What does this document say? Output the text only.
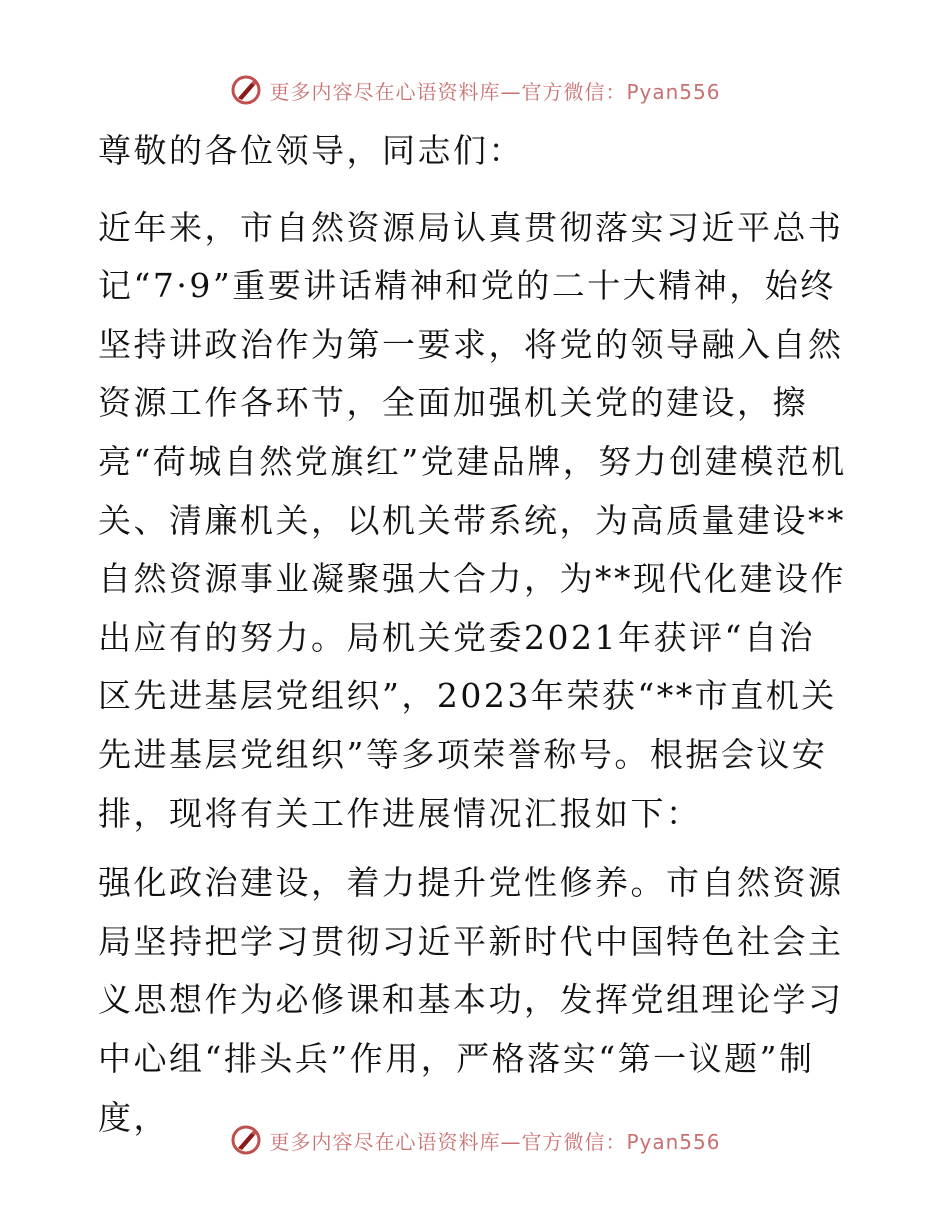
更多内容尽在心语资料库—官方微信：Pyan556

尊敬的各位领导，同志们：

近年来，市自然资源局认真贯彻落实习近平总书记“7·9”重要讲话精神和党的二十大精神，始终坚持讲政治作为第一要求，将党的领导融入自然资源工作各环节，全面加强机关党的建设，擦亮“荷城自然党旗红”党建品牌，努力创建模范机关、清廉机关，以机关带系统，为高质量建设**自然资源事业凝聚强大合力，为**现代化建设作出应有的努力。局机关党委2021年获评“自治区先进基层党组织”，2023年荣获“**市直机关先进基层党组织”等多项荣誉称号。根据会议安排，现将有关工作进展情况汇报如下：

强化政治建设，着力提升党性修养。市自然资源局坚持把学习贯彻习近平新时代中国特色社会主义思想作为必修课和基本功，发挥党组理论学习中心组“排头兵”作用，严格落实“第一议题”制度，

更多内容尽在心语资料库—官方微信：Pyan556
